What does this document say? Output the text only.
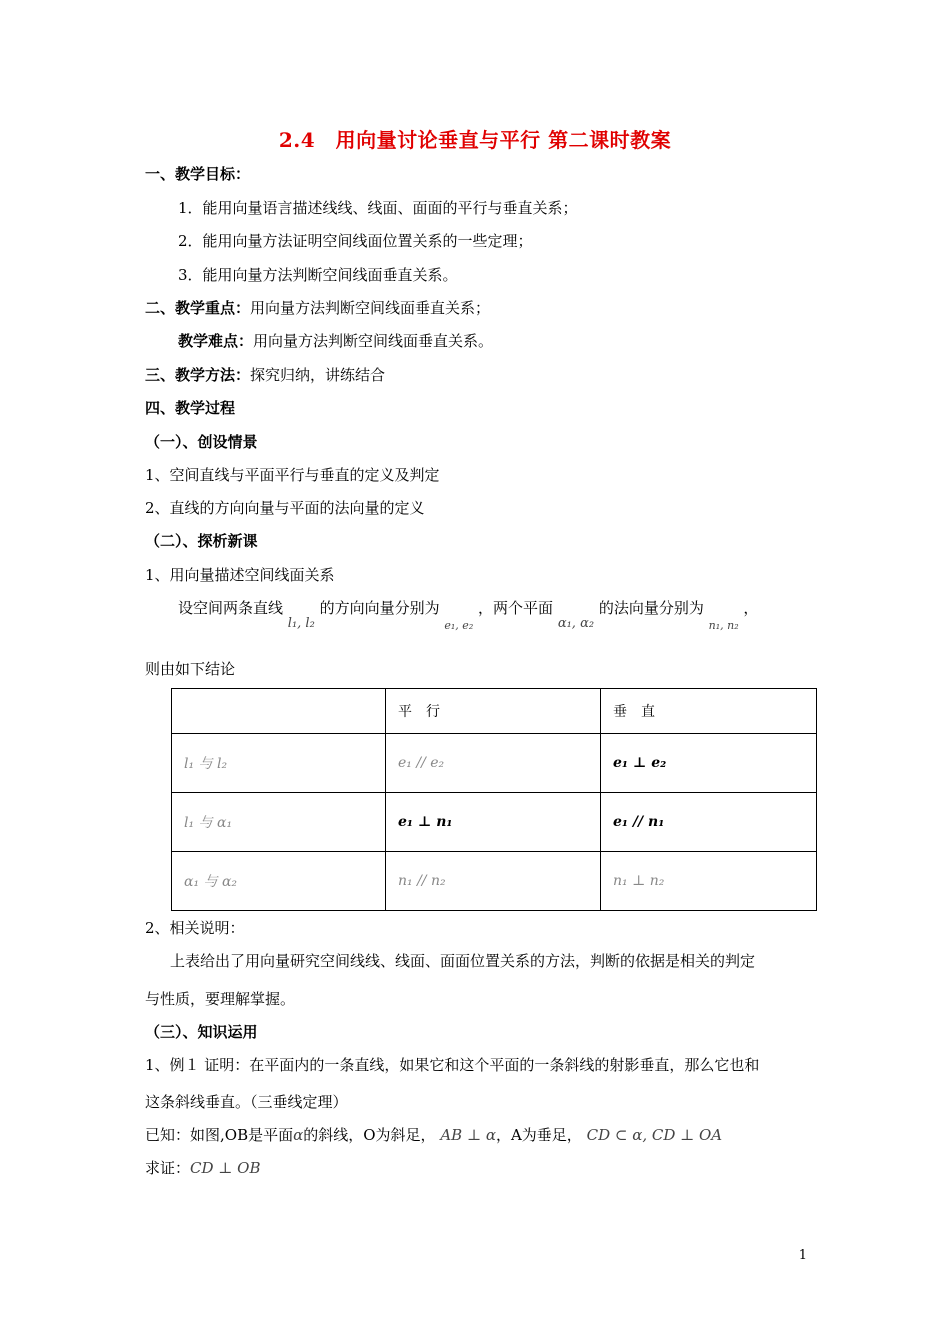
2.4　用向量讨论垂直与平行 第二课时教案
一、教学目标：
1．能用向量语言描述线线、线面、面面的平行与垂直关系；
2．能用向量方法证明空间线面位置关系的一些定理；
3．能用向量方法判断空间线面垂直关系。
二、教学重点：用向量方法判断空间线面垂直关系；
教学难点：用向量方法判断空间线面垂直关系。
三、教学方法：探究归纳，讲练结合
四、教学过程
（一）、创设情景
1、空间直线与平面平行与垂直的定义及判定
2、直线的方向向量与平面的法向量的定义
（二）、探析新课
1、用向量描述空间线面关系
设空间两条直线 l₁, l₂ 的方向向量分别为 $_{e_1, e_2}$ ，两个平面 α₁, α₂ 的法向量分别为 $_{n_1, n_2}$ ，
则由如下结论
	平　行	垂　直
l₁ 与 l₂	e₁ // e₂	e₁ ⊥ e₂
l₁ 与 α₁	e₁ ⊥ n₁	e₁ // n₁
α₁ 与 α₂	n₁ // n₂	n₁ ⊥ n₂
2、相关说明：
上表给出了用向量研究空间线线、线面、面面位置关系的方法，判断的依据是相关的判定
与性质，要理解掌握。
（三）、知识运用
1、例１ 证明：在平面内的一条直线，如果它和这个平面的一条斜线的射影垂直，那么它也和
这条斜线垂直。（三垂线定理）
已知：如图,OB是平面α的斜线，O为斜足， AB ⊥ α，A为垂足， CD ⊂ α, CD ⊥ OA
求证：CD ⊥ OB
1
